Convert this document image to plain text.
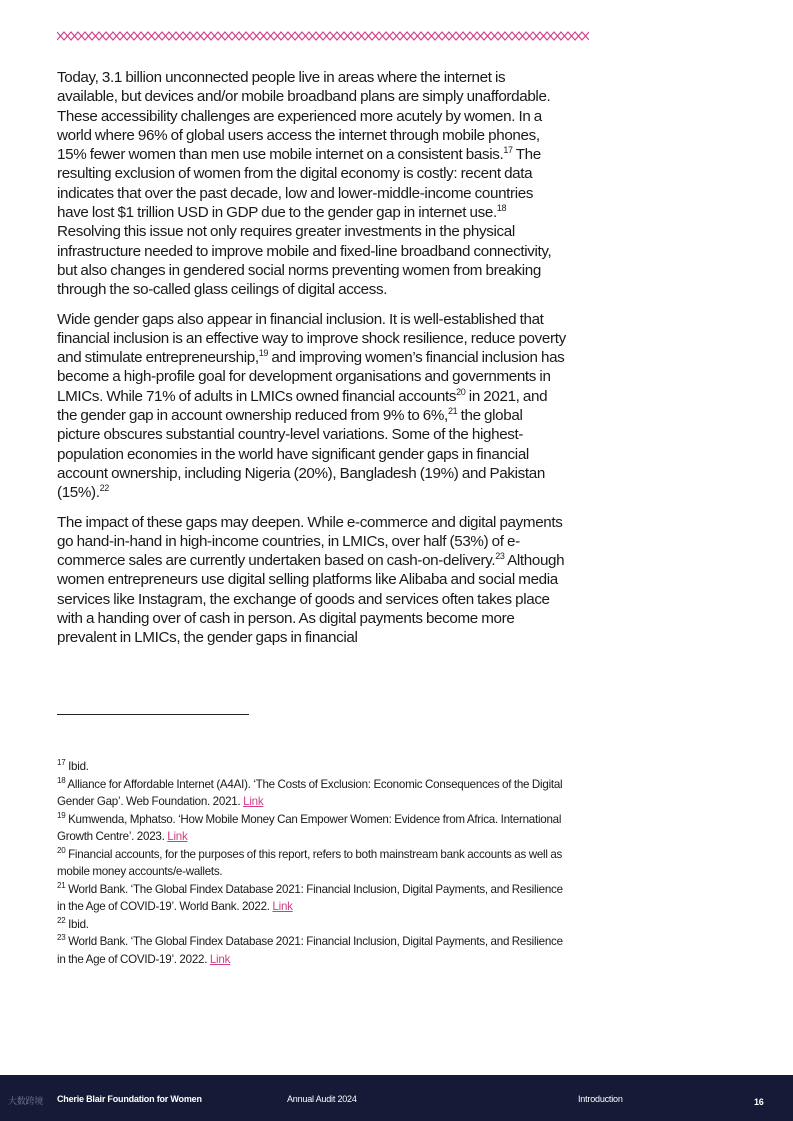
Today, 3.1 billion unconnected people live in areas where the internet is available, but devices and/or mobile broadband plans are simply unaffordable. These accessibility challenges are experienced more acutely by women. In a world where 96% of global users access the internet through mobile phones, 15% fewer women than men use mobile internet on a consistent basis.$^{17}$ The resulting exclusion of women from the digital economy is costly: recent data indicates that over the past decade, low and lower-middle-income countries have lost $1 trillion USD in GDP due to the gender gap in internet use.$^{18}$ Resolving this issue not only requires greater investments in the physical infrastructure needed to improve mobile and fixed-line broadband connectivity, but also changes in gendered social norms preventing women from breaking through the so-called glass ceilings of digital access.

Wide gender gaps also appear in financial inclusion. It is well-established that financial inclusion is an effective way to improve shock resilience, reduce poverty and stimulate entrepreneurship,$^{19}$ and improving women’s financial inclusion has become a high-profile goal for development organisations and governments in LMICs. While 71% of adults in LMICs owned financial accounts$^{20}$ in 2021, and the gender gap in account ownership reduced from 9% to 6%,$^{21}$ the global picture obscures substantial country-level variations. Some of the highest-population economies in the world have significant gender gaps in financial account ownership, including Nigeria (20%), Bangladesh (19%) and Pakistan (15%).$^{22}$

The impact of these gaps may deepen. While e-commerce and digital payments go hand-in-hand in high-income countries, in LMICs, over half (53%) of e-commerce sales are currently undertaken based on cash-on-delivery.$^{23}$ Although women entrepreneurs use digital selling platforms like Alibaba and social media services like Instagram, the exchange of goods and services often takes place with a handing over of cash in person. As digital payments become more prevalent in LMICs, the gender gaps in financial

$^{17}$ Ibid.

$^{18}$ Alliance for Affordable Internet (A4AI). ‘The Costs of Exclusion: Economic Consequences of the Digital Gender Gap’. Web Foundation. 2021. Link

$^{19}$ Kumwenda, Mphatso. ‘How Mobile Money Can Empower Women: Evidence from Africa. International Growth Centre’. 2023. Link

$^{20}$ Financial accounts, for the purposes of this report, refers to both mainstream bank accounts as well as mobile money accounts/e-wallets.

$^{21}$ World Bank. ‘The Global Findex Database 2021: Financial Inclusion, Digital Payments, and Resilience in the Age of COVID-19’. World Bank. 2022. Link

$^{22}$ Ibid.

$^{23}$ World Bank. ‘The Global Findex Database 2021: Financial Inclusion, Digital Payments, and Resilience in the Age of COVID-19’. 2022. Link

大数跨境 Cherie Blair Foundation for Women	Annual Audit 2024	Introduction	16
